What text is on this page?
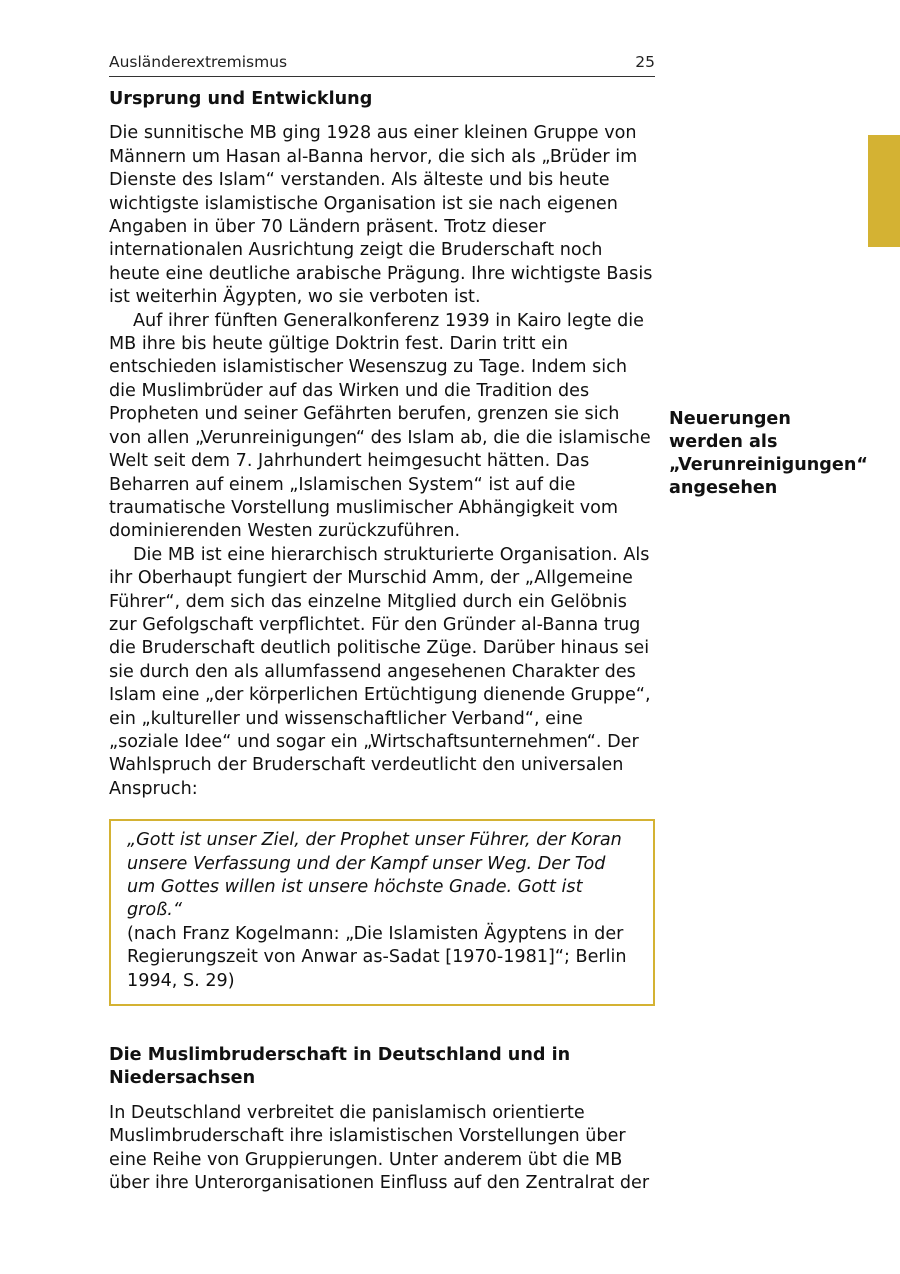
Ausländerextremismus	25
Ursprung und Entwicklung

Die sunnitische MB ging 1928 aus einer kleinen Gruppe von Männern um Hasan al-Banna hervor, die sich als „Brüder im Dienste des Islam“ verstanden. Als älteste und bis heute wichtigste islamistische Organisation ist sie nach eigenen Angaben in über 70 Ländern präsent. Trotz dieser internationalen Ausrichtung zeigt die Bruderschaft noch heute eine deutliche arabische Prägung. Ihre wichtigste Basis ist weiterhin Ägypten, wo sie verboten ist.

Auf ihrer fünften Generalkonferenz 1939 in Kairo legte die MB ihre bis heute gültige Doktrin fest. Darin tritt ein entschieden islamistischer Wesenszug zu Tage. Indem sich die Muslimbrüder auf das Wirken und die Tradition des Propheten und seiner Gefährten berufen, grenzen sie sich von allen „Verunreinigungen“ des Islam ab, die die islamische Welt seit dem 7. Jahrhundert heimgesucht hätten. Das Beharren auf einem „Islamischen System“ ist auf die traumatische Vorstellung muslimischer Abhängigkeit vom dominierenden Westen zurückzuführen.

Die MB ist eine hierarchisch strukturierte Organisation. Als ihr Oberhaupt fungiert der Murschid Amm, der „Allgemeine Führer“, dem sich das einzelne Mitglied durch ein Gelöbnis zur Gefolgschaft verpflichtet. Für den Gründer al-Banna trug die Bruderschaft deutlich politische Züge. Darüber hinaus sei sie durch den als allumfassend angesehenen Charakter des Islam eine „der körperlichen Ertüchtigung dienende Gruppe“, ein „kultureller und wissenschaftlicher Verband“, eine „soziale Idee“ und sogar ein „Wirtschaftsunternehmen“. Der Wahlspruch der Bruderschaft verdeutlicht den universalen Anspruch:

„Gott ist unser Ziel, der Prophet unser Führer, der Koran unsere Verfassung und der Kampf unser Weg. Der Tod um Gottes willen ist unsere höchste Gnade. Gott ist groß.“

(nach Franz Kogelmann: „Die Islamisten Ägyptens in der Regierungszeit von Anwar as-Sadat [1970-1981]“; Berlin 1994, S. 29)

Die Muslimbruderschaft in Deutschland und in Niedersachsen

In Deutschland verbreitet die panislamisch orientierte Muslimbruderschaft ihre islamistischen Vorstellungen über eine Reihe von Gruppierungen. Unter anderem übt die MB über ihre Unterorganisationen Einfluss auf den Zentralrat der

Neuerungen
werden als
„Verunreinigungen“
angesehen
